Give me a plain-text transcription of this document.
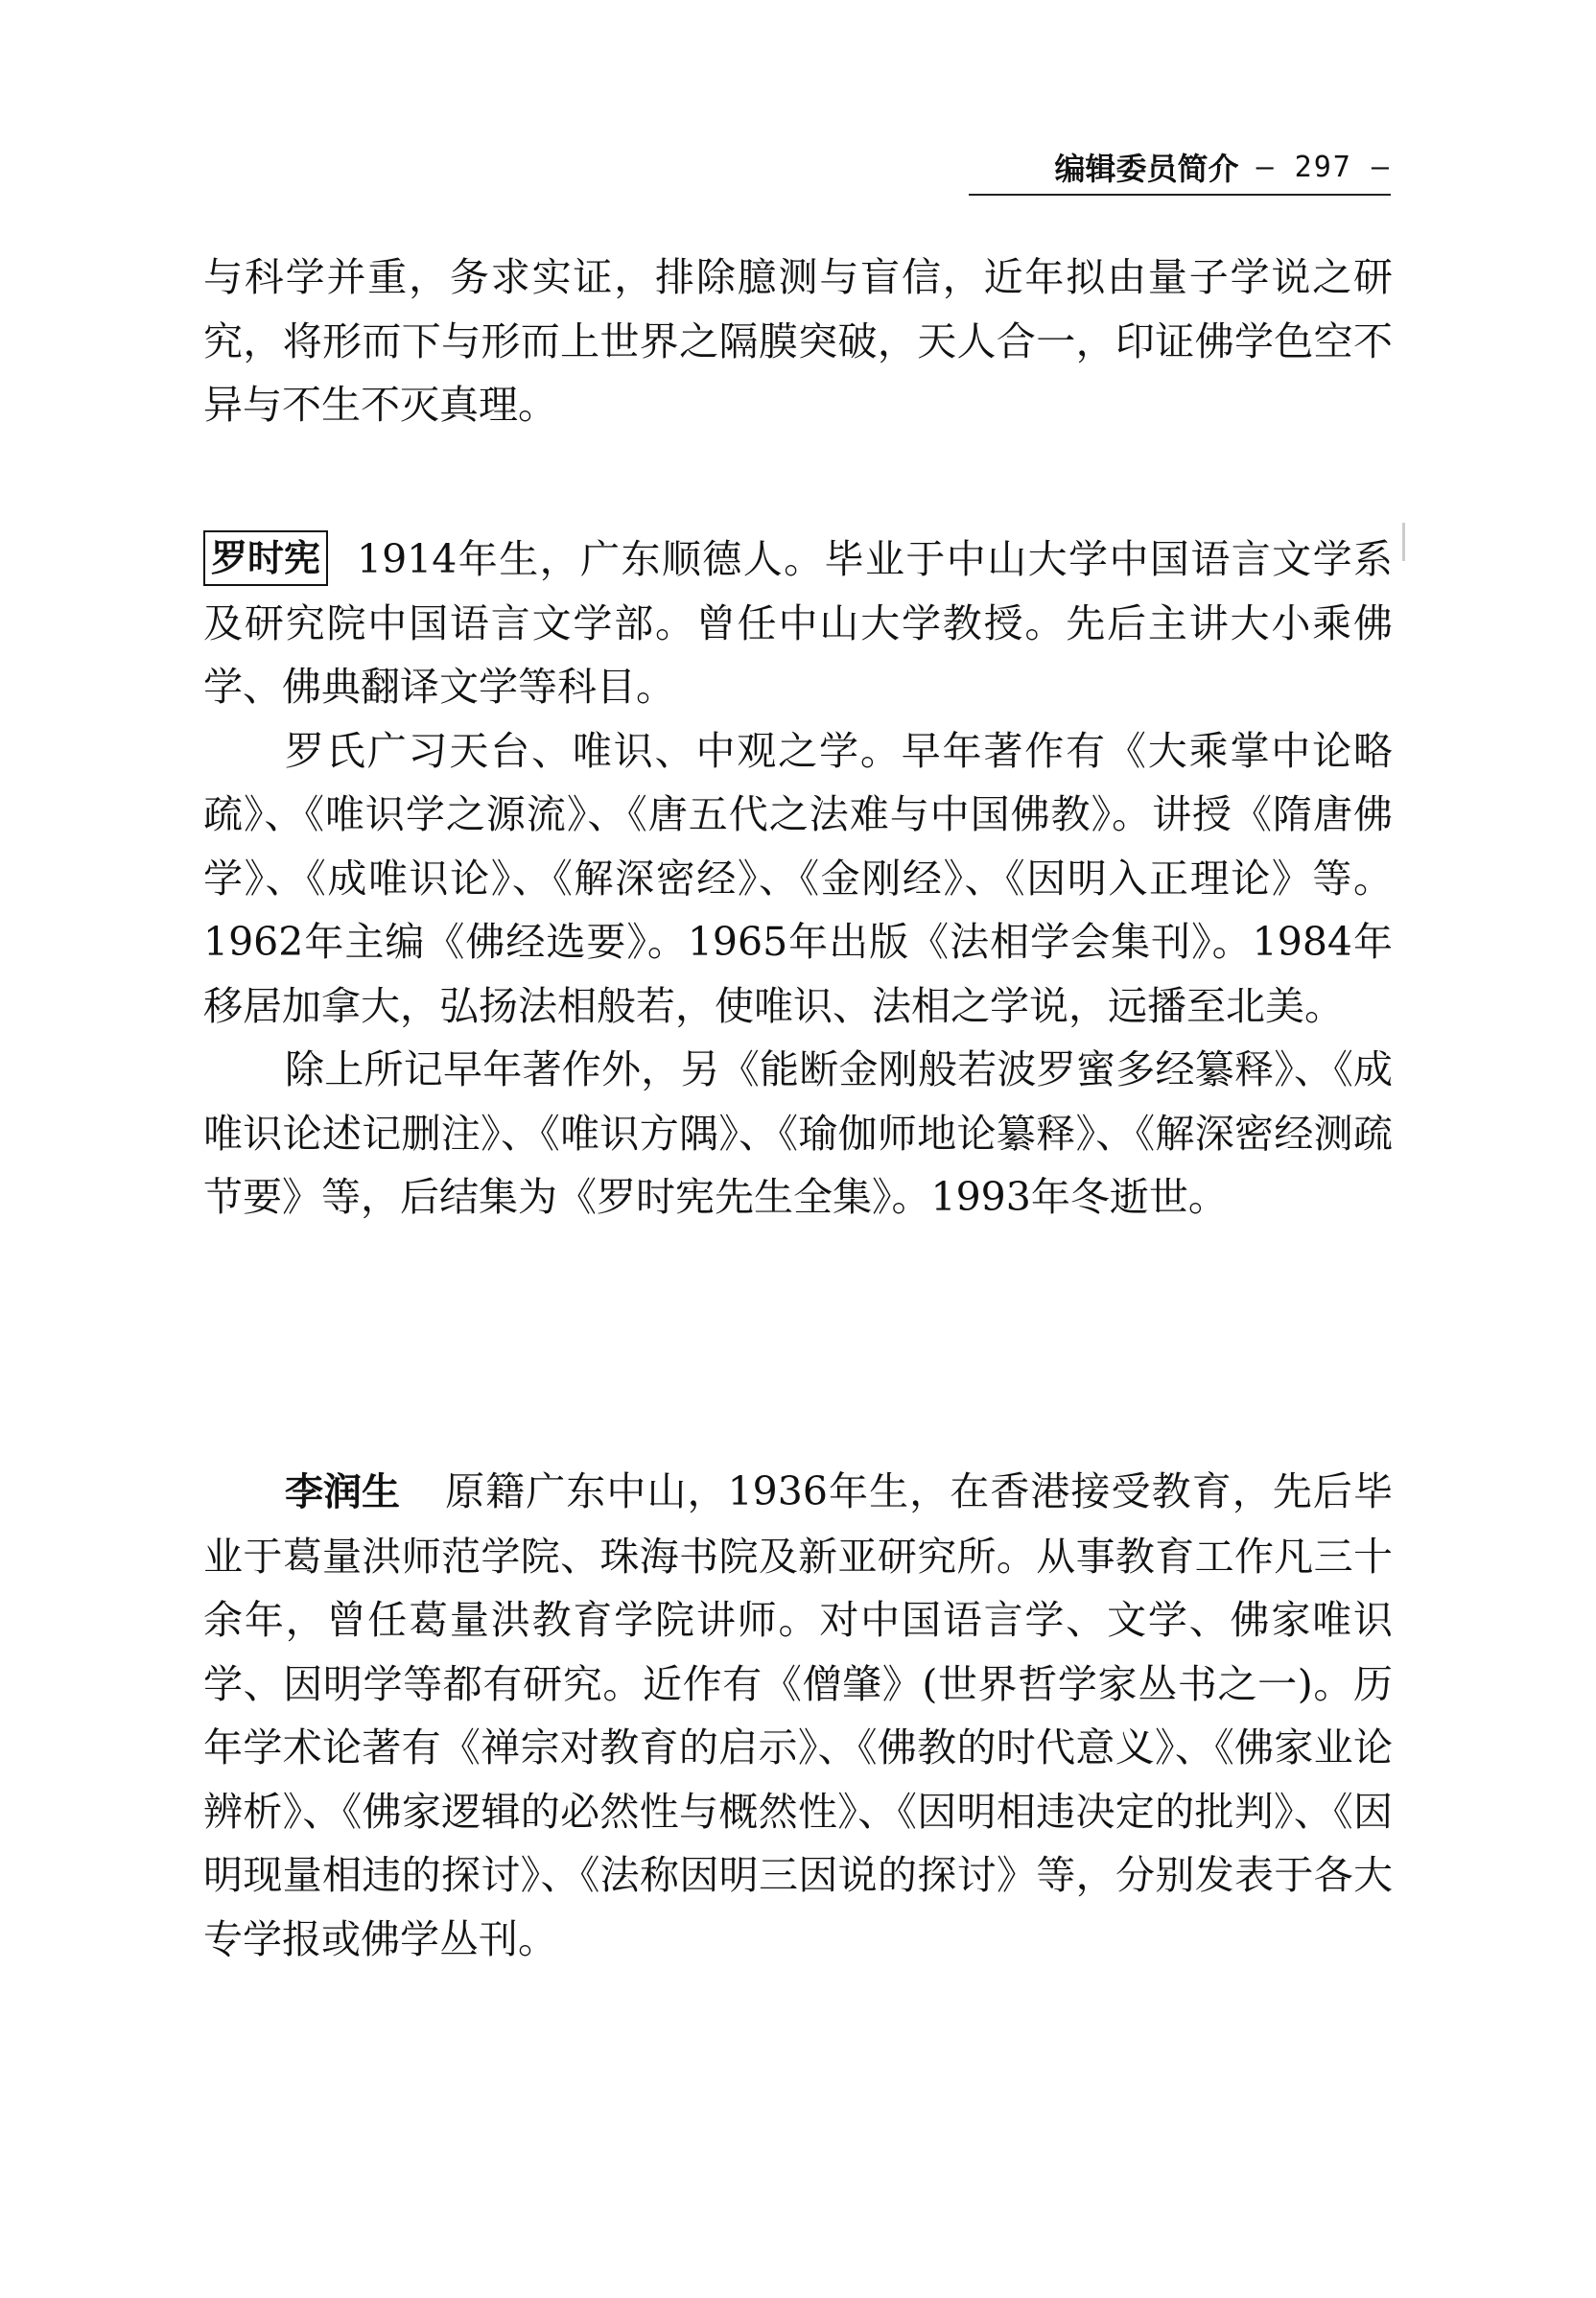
编辑委员简介 — 297 —

与科学并重，务求实证，排除臆测与盲信，近年拟由量子学说之研究，将形而下与形而上世界之隔膜突破，天人合一，印证佛学色空不异与不生不灭真理。

罗时宪 1914年生，广东顺德人。毕业于中山大学中国语言文学系及研究院中国语言文学部。曾任中山大学教授。先后主讲大小乘佛学、佛典翻译文学等科目。

罗氏广习天台、唯识、中观之学。早年著作有《大乘掌中论略疏》、《唯识学之源流》、《唐五代之法难与中国佛教》。讲授《隋唐佛学》、《成唯识论》、《解深密经》、《金刚经》、《因明入正理论》等。1962年主编《佛经选要》。1965年出版《法相学会集刊》。1984年移居加拿大，弘扬法相般若，使唯识、法相之学说，远播至北美。

除上所记早年著作外，另《能断金刚般若波罗蜜多经纂释》、《成唯识论述记删注》、《唯识方隅》、《瑜伽师地论纂释》、《解深密经测疏节要》等，后结集为《罗时宪先生全集》。1993年冬逝世。

李润生 原籍广东中山，1936年生，在香港接受教育，先后毕业于葛量洪师范学院、珠海书院及新亚研究所。从事教育工作凡三十余年，曾任葛量洪教育学院讲师。对中国语言学、文学、佛家唯识学、因明学等都有研究。近作有《僧肇》(世界哲学家丛书之一)。历年学术论著有《禅宗对教育的启示》、《佛教的时代意义》、《佛家业论辨析》、《佛家逻辑的必然性与概然性》、《因明相违决定的批判》、《因明现量相违的探讨》、《法称因明三因说的探讨》等，分别发表于各大专学报或佛学丛刊。
